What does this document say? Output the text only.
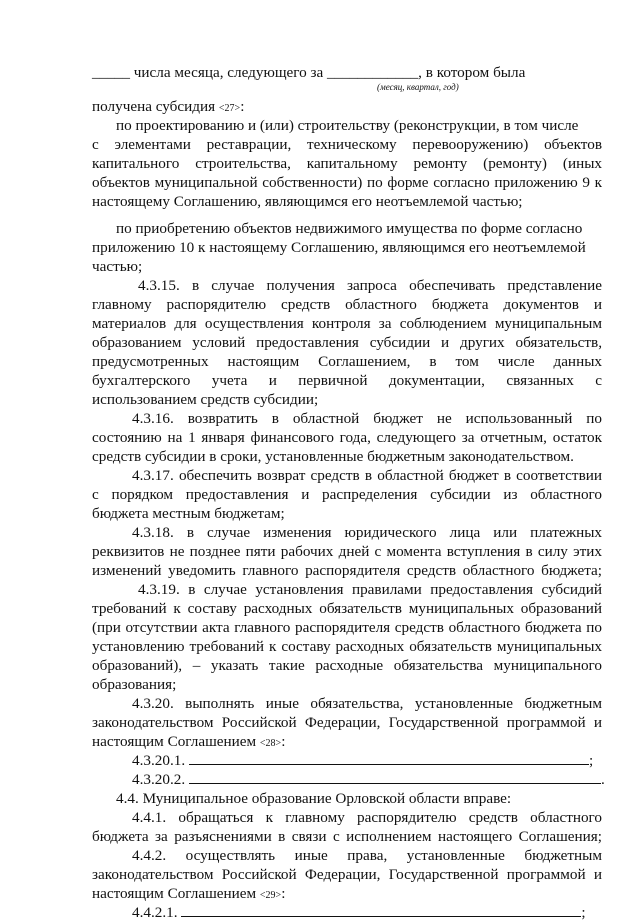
_____ числа месяца, следующего за ____________, в котором была
(месяц, квартал, год)
получена субсидия <27>:
по проектированию и (или) строительству (реконструкции, в том числе
с элементами реставрации, техническому перевооружению) объектов
капитального строительства, капитальному ремонту (ремонту) (иных
объектов муниципальной собственности) по форме согласно приложению 9 к
настоящему Соглашению, являющимся его неотъемлемой частью;
по приобретению объектов недвижимого имущества по форме согласно
приложению 10 к настоящему Соглашению, являющимся его неотъемлемой
частью;
4.3.15. в случае получения запроса обеспечивать представление
главному распорядителю средств областного бюджета документов и
материалов для осуществления контроля за соблюдением муниципальным
образованием условий предоставления субсидии и других обязательств,
предусмотренных настоящим Соглашением, в том числе данных
бухгалтерского учета и первичной документации, связанных с
использованием средств субсидии;
4.3.16. возвратить в областной бюджет не использованный по
состоянию на 1 января финансового года, следующего за отчетным, остаток
средств субсидии в сроки, установленные бюджетным законодательством.
4.3.17. обеспечить возврат средств в областной бюджет в соответствии
с порядком предоставления и распределения субсидии из областного
бюджета местным бюджетам;
4.3.18. в случае изменения юридического лица или платежных
реквизитов не позднее пяти рабочих дней с момента вступления в силу этих
изменений уведомить главного распорядителя средств областного бюджета;
4.3.19. в случае установления правилами предоставления субсидий
требований к составу расходных обязательств муниципальных образований
(при отсутствии акта главного распорядителя средств областного бюджета по
установлению требований к составу расходных обязательств муниципальных
образований), – указать такие расходные обязательства муниципального
образования;
4.3.20. выполнять иные обязательства, установленные бюджетным
законодательством Российской Федерации, Государственной программой и
настоящим Соглашением <28>:
4.3.20.1.	;
4.3.20.2.	.
4.4. Муниципальное образование Орловской области вправе:
4.4.1. обращаться к главному распорядителю средств областного
бюджета за разъяснениями в связи с исполнением настоящего Соглашения;
4.4.2. осуществлять иные права, установленные бюджетным
законодательством Российской Федерации, Государственной программой и
настоящим Соглашением <29>:
4.4.2.1.	;
